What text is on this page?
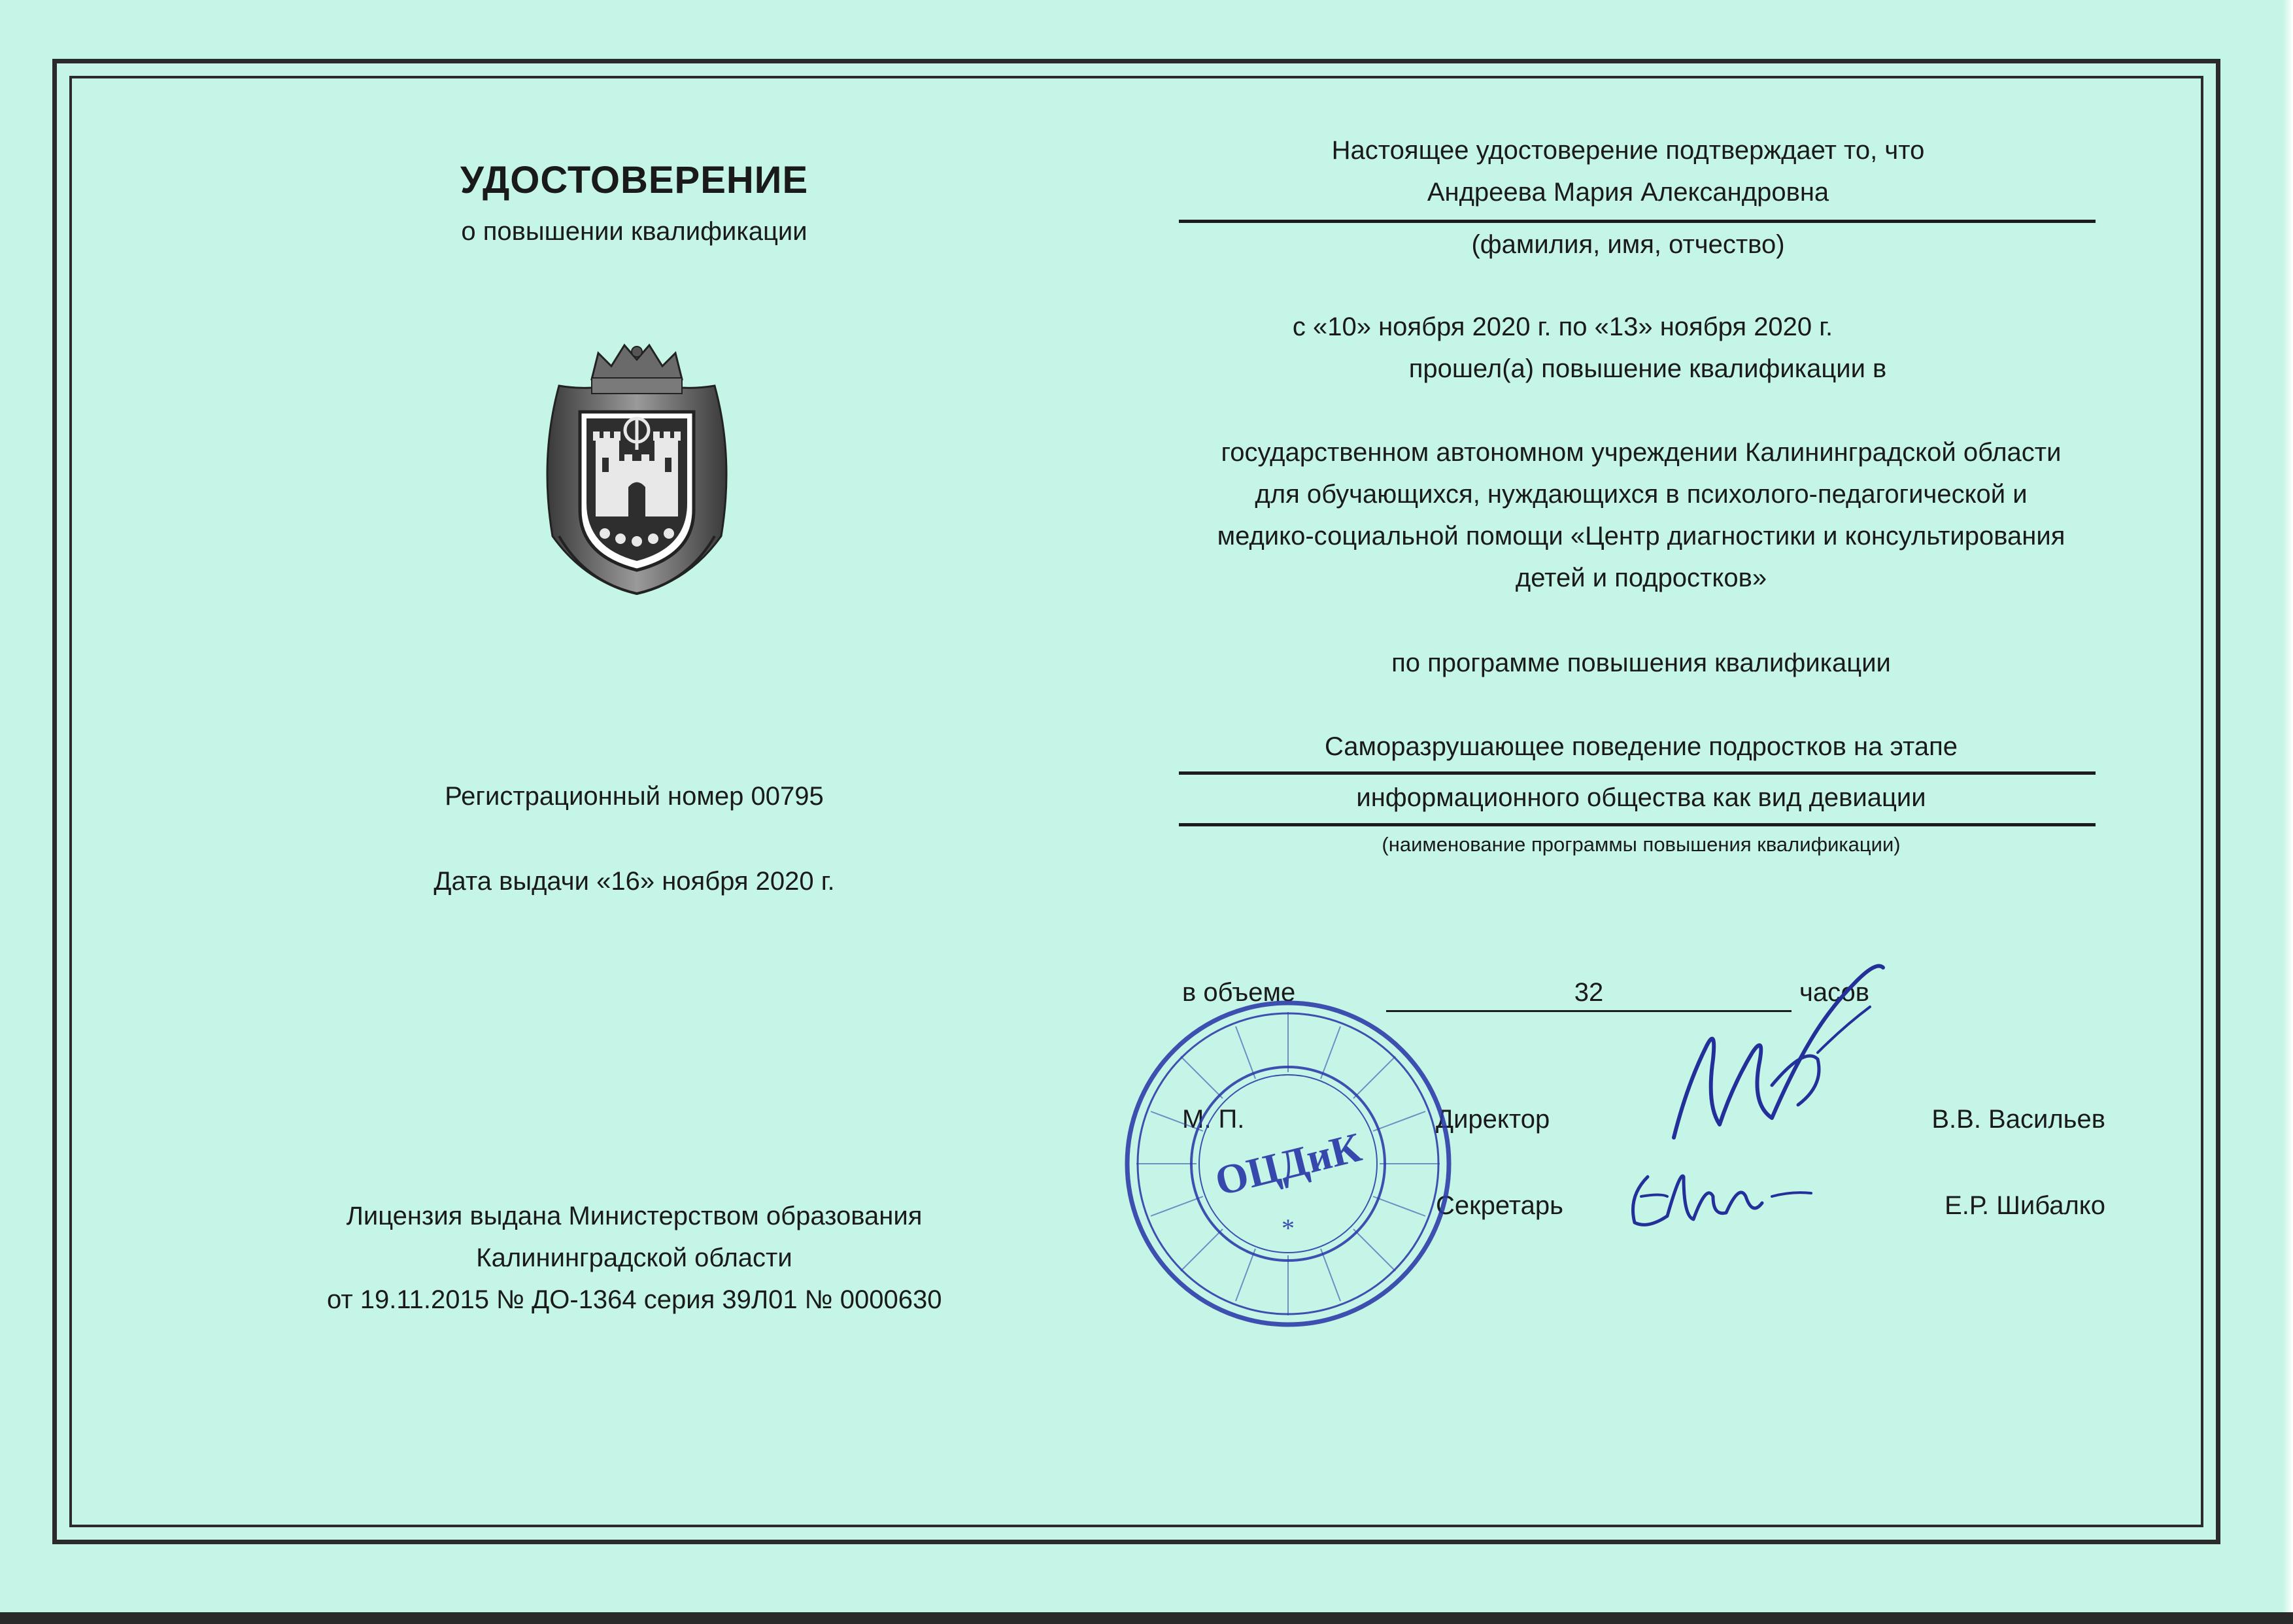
УДОСТОВЕРЕНИЕ
о повышении квалификации
Регистрационный номер 00795
Дата выдачи «16» ноября 2020 г.
Лицензия выдана Министерством образования
Калининградской области
от 19.11.2015 № ДО-1364 серия 39Л01 № 0000630
Настоящее удостоверение подтверждает то, что
Андреева Мария Александровна
(фамилия, имя, отчество)
с «10» ноября 2020 г. по «13» ноября 2020 г.
прошел(а) повышение квалификации в
государственном автономном учреждении Калининградской области
для обучающихся, нуждающихся в психолого-педагогической и
медико-социальной помощи «Центр диагностики и консультирования
детей и подростков»
по программе повышения квалификации
Саморазрушающее поведение подростков на этапе
информационного общества как вид девиации
(наименование программы повышения квалификации)
в объеме	32	часов
М. П.	Директор	В.В. Васильев
Секретарь	Е.Р. Шибалко
ОЦДиК
*
